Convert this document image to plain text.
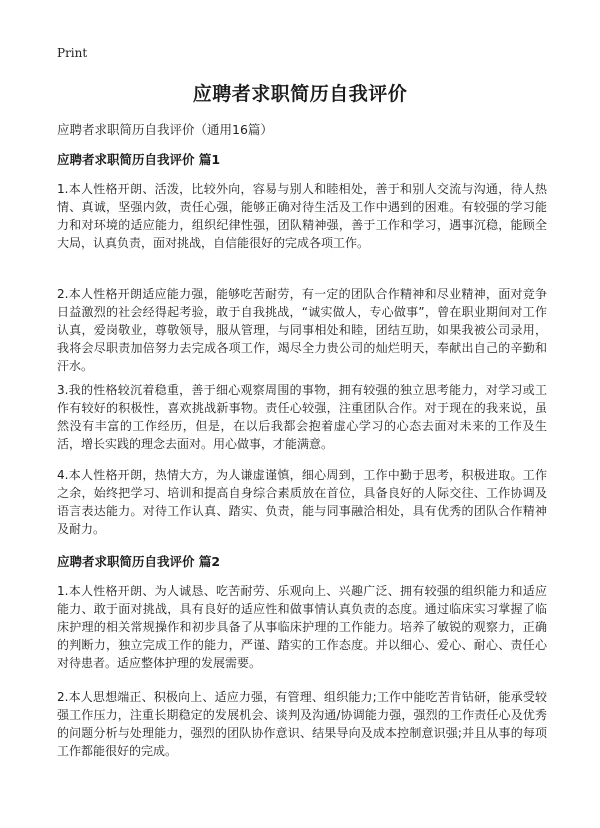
Print
应聘者求职简历自我评价
应聘者求职简历自我评价（通用16篇）
应聘者求职简历自我评价 篇1

1.本人性格开朗、活泼，比较外向，容易与别人和睦相处，善于和别人交流与沟通，待人热情、真诚，坚强内敛，责任心强，能够正确对待生活及工作中遇到的困难。有较强的学习能力和对环境的适应能力，组织纪律性强，团队精神强，善于工作和学习，遇事沉稳，能顾全大局，认真负责，面对挑战，自信能很好的完成各项工作。

2.本人性格开朗适应能力强，能够吃苦耐劳，有一定的团队合作精神和尽业精神，面对竞争日益激烈的社会经得起考验，敢于自我挑战，“诚实做人，专心做事”，曾在职业期间对工作认真，爱岗敬业，尊敬领导，服从管理，与同事相处和睦，团结互助，如果我被公司录用，我将会尽职责加倍努力去完成各项工作，竭尽全力贵公司的灿烂明天，奉献出自己的辛勤和汗水。

3.我的性格较沉着稳重，善于细心观察周围的事物，拥有较强的独立思考能力，对学习或工作有较好的积极性，喜欢挑战新事物。责任心较强，注重团队合作。对于现在的我来说，虽然没有丰富的工作经历，但是，在以后我都会抱着虚心学习的心态去面对未来的工作及生活，增长实践的理念去面对。用心做事，才能满意。

4.本人性格开朗，热情大方，为人谦虚谨慎，细心周到，工作中勤于思考，积极进取。工作之余，始终把学习、培训和提高自身综合素质放在首位，具备良好的人际交往、工作协调及语言表达能力。对待工作认真、踏实、负责，能与同事融洽相处，具有优秀的团队合作精神及耐力。

应聘者求职简历自我评价 篇2

1.本人性格开朗、为人诚恳、吃苦耐劳、乐观向上、兴趣广泛、拥有较强的组织能力和适应能力、敢于面对挑战，具有良好的适应性和做事情认真负责的态度。通过临床实习掌握了临床护理的相关常规操作和初步具备了从事临床护理的工作能力。培养了敏锐的观察力，正确的判断力，独立完成工作的能力，严谨、踏实的工作态度。并以细心、爱心、耐心、责任心对待患者。适应整体护理的发展需要。

2.本人思想端正、积极向上、适应力强，有管理、组织能力;工作中能吃苦肯钻研，能承受较强工作压力，注重长期稳定的发展机会、谈判及沟通/协调能力强，强烈的工作责任心及优秀的问题分析与处理能力，强烈的团队协作意识、结果导向及成本控制意识强;并且从事的每项工作都能很好的完成。
